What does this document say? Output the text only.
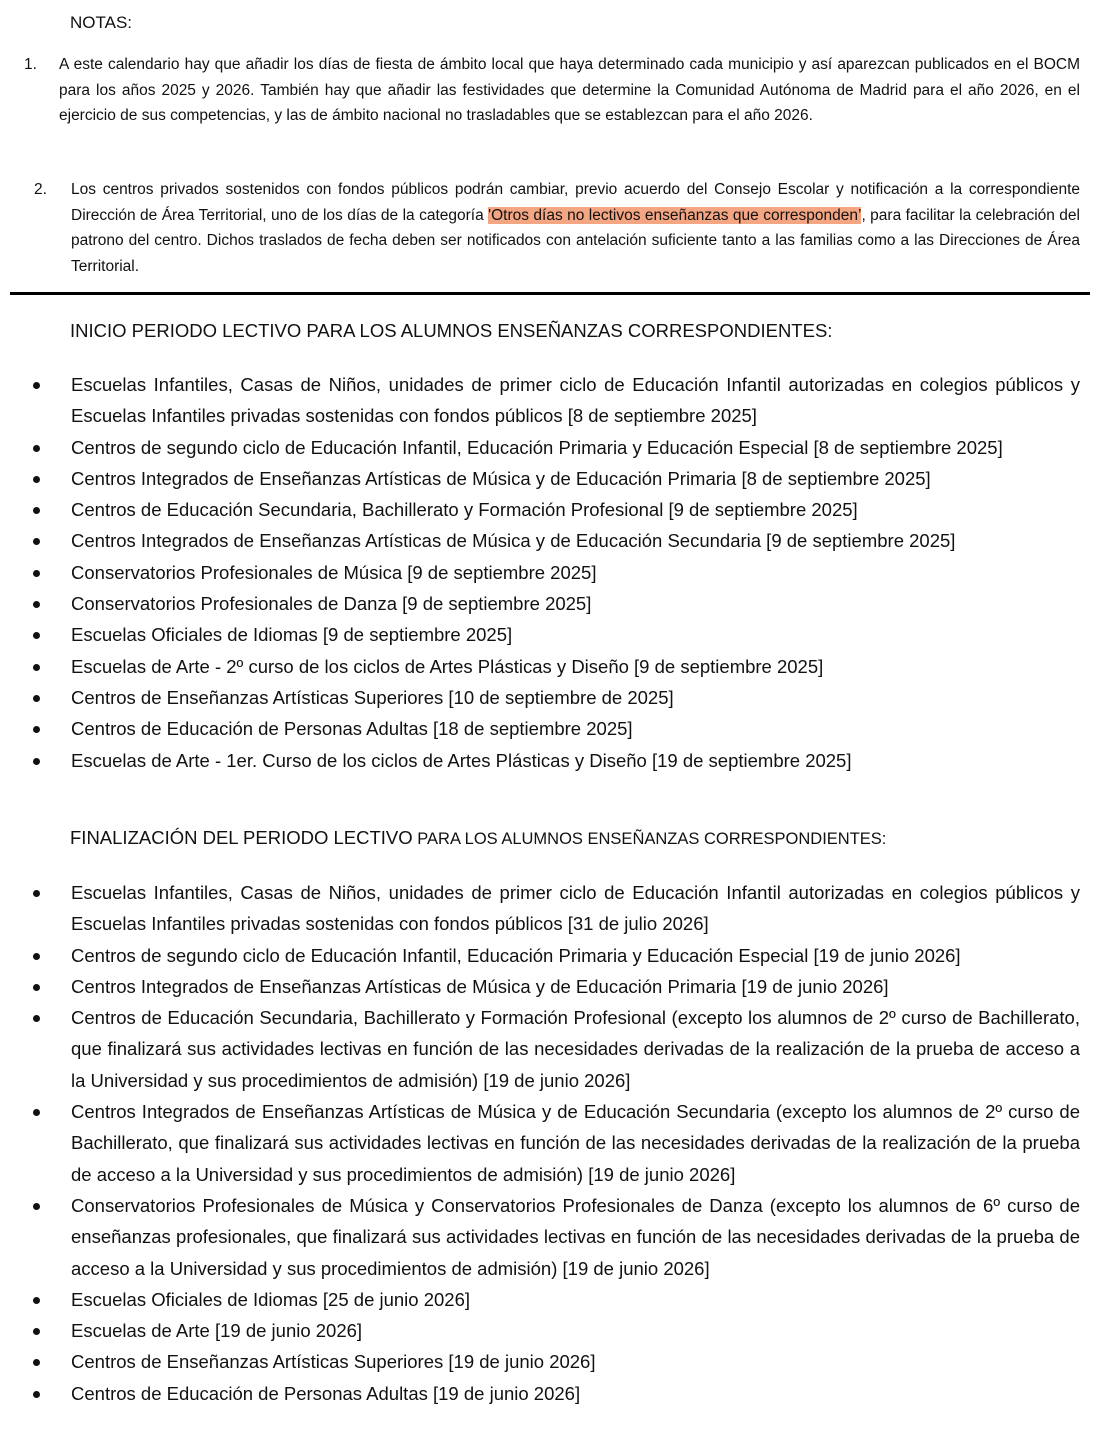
NOTAS:
1. A este calendario hay que añadir los días de fiesta de ámbito local que haya determinado cada municipio y así aparezcan publicados en el BOCM para los años 2025 y 2026. También hay que añadir las festividades que determine la Comunidad Autónoma de Madrid para el año 2026, en el ejercicio de sus competencias, y las de ámbito nacional no trasladables que se establezcan para el año 2026.
2. Los centros privados sostenidos con fondos públicos podrán cambiar, previo acuerdo del Consejo Escolar y notificación a la correspondiente Dirección de Área Territorial, uno de los días de la categoría 'Otros días no lectivos enseñanzas que corresponden’, para facilitar la celebración del patrono del centro. Dichos traslados de fecha deben ser notificados con antelación suficiente tanto a las familias como a las Direcciones de Área Territorial.
INICIO PERIODO LECTIVO PARA LOS ALUMNOS ENSEÑANZAS CORRESPONDIENTES:
Escuelas Infantiles, Casas de Niños, unidades de primer ciclo de Educación Infantil autorizadas en colegios públicos y Escuelas Infantiles privadas sostenidas con fondos públicos [8 de septiembre 2025]
Centros de segundo ciclo de Educación Infantil, Educación Primaria y Educación Especial [8 de septiembre 2025]
Centros Integrados de Enseñanzas Artísticas de Música y de Educación Primaria [8 de septiembre 2025]
Centros de Educación Secundaria, Bachillerato y Formación Profesional [9 de septiembre 2025]
Centros Integrados de Enseñanzas Artísticas de Música y de Educación Secundaria [9 de septiembre 2025]
Conservatorios Profesionales de Música [9 de septiembre 2025]
Conservatorios Profesionales de Danza [9 de septiembre 2025]
Escuelas Oficiales de Idiomas [9 de septiembre 2025]
Escuelas de Arte - 2º curso de los ciclos de Artes Plásticas y Diseño [9 de septiembre 2025]
Centros de Enseñanzas Artísticas Superiores [10 de septiembre de 2025]
Centros de Educación de Personas Adultas [18 de septiembre 2025]
Escuelas de Arte - 1er. Curso de los ciclos de Artes Plásticas y Diseño [19 de septiembre 2025]
FINALIZACIÓN DEL PERIODO LECTIVO PARA LOS ALUMNOS ENSEÑANZAS CORRESPONDIENTES:
Escuelas Infantiles, Casas de Niños, unidades de primer ciclo de Educación Infantil autorizadas en colegios públicos y Escuelas Infantiles privadas sostenidas con fondos públicos [31 de julio 2026]
Centros de segundo ciclo de Educación Infantil, Educación Primaria y Educación Especial [19 de junio 2026]
Centros Integrados de Enseñanzas Artísticas de Música y de Educación Primaria [19 de junio 2026]
Centros de Educación Secundaria, Bachillerato y Formación Profesional (excepto los alumnos de 2º curso de Bachillerato, que finalizará sus actividades lectivas en función de las necesidades derivadas de la realización de la prueba de acceso a la Universidad y sus procedimientos de admisión) [19 de junio 2026]
Centros Integrados de Enseñanzas Artísticas de Música y de Educación Secundaria (excepto los alumnos de 2º curso de Bachillerato, que finalizará sus actividades lectivas en función de las necesidades derivadas de la realización de la prueba de acceso a la Universidad y sus procedimientos de admisión) [19 de junio 2026]
Conservatorios Profesionales de Música y Conservatorios Profesionales de Danza (excepto los alumnos de 6º curso de enseñanzas profesionales, que finalizará sus actividades lectivas en función de las necesidades derivadas de la prueba de acceso a la Universidad y sus procedimientos de admisión) [19 de junio 2026]
Escuelas Oficiales de Idiomas [25 de junio 2026]
Escuelas de Arte [19 de junio 2026]
Centros de Enseñanzas Artísticas Superiores [19 de junio 2026]
Centros de Educación de Personas Adultas [19 de junio 2026]
